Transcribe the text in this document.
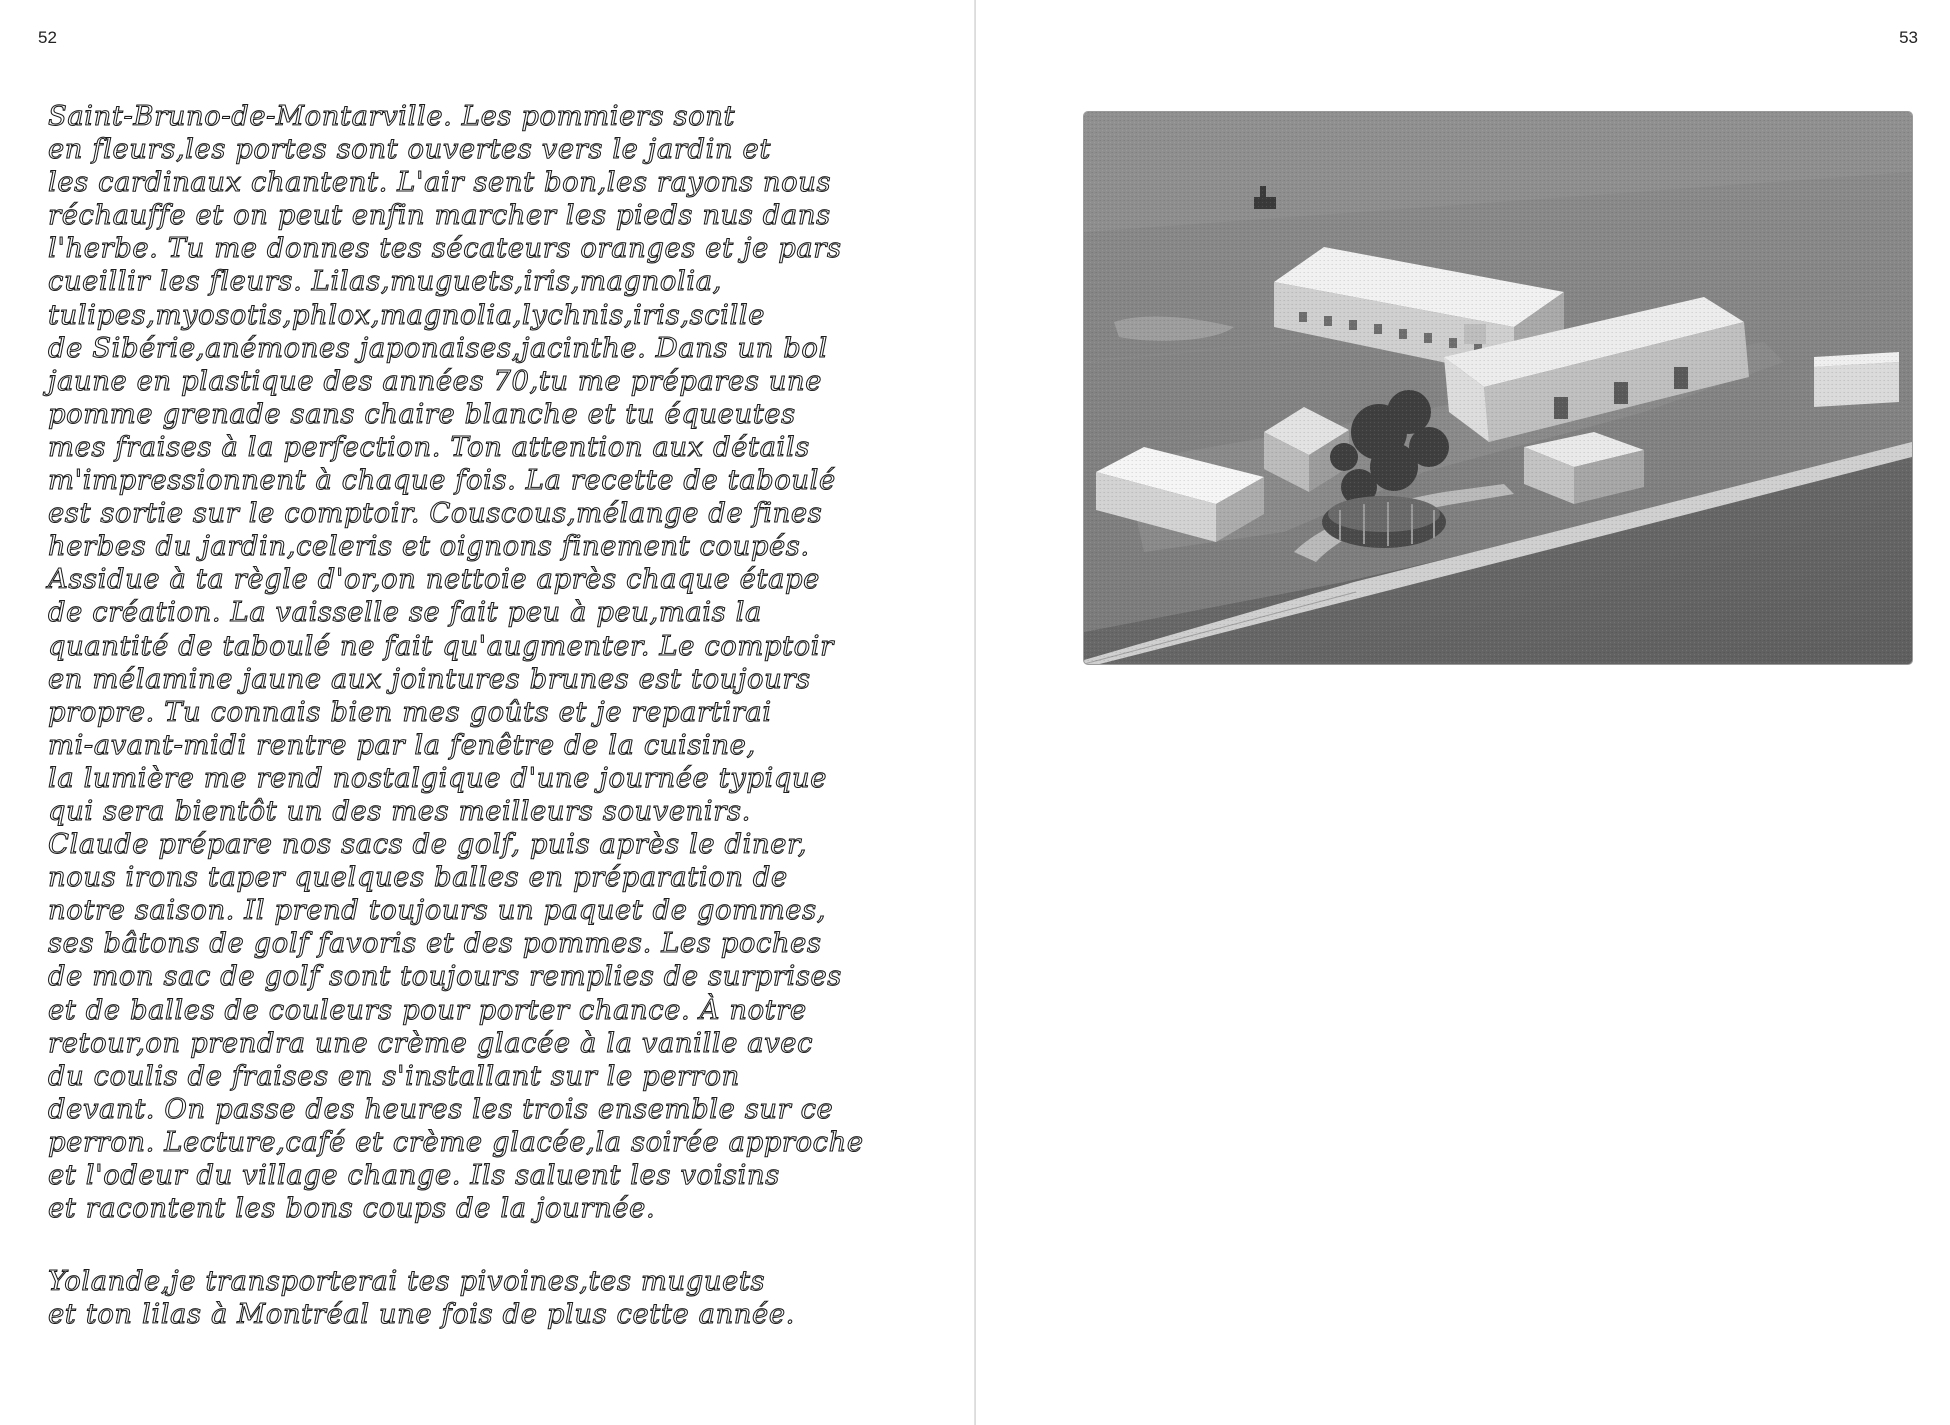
52
Saint-Bruno-de-Montarville. Les pommiers sont
en fleurs,les portes sont ouvertes vers le jardin et
les cardinaux chantent. L'air sent bon,les rayons nous
réchauffe et on peut enfin marcher les pieds nus dans
l'herbe. Tu me donnes tes sécateurs oranges et je pars
cueillir les fleurs. Lilas,muguets,iris,magnolia,
tulipes,myosotis,phlox,magnolia,lychnis,iris,scille
de Sibérie,anémones japonaises,jacinthe. Dans un bol
jaune en plastique des années 70,tu me prépares une
pomme grenade sans chaire blanche et tu équeutes
mes fraises à la perfection. Ton attention aux détails
m'impressionnent à chaque fois. La recette de taboulé
est sortie sur le comptoir. Couscous,mélange de fines
herbes du jardin,celeris et oignons finement coupés.
Assidue à ta règle d'or,on nettoie après chaque étape
de création. La vaisselle se fait peu à peu,mais la
quantité de taboulé ne fait qu'augmenter. Le comptoir
en mélamine jaune aux jointures brunes est toujours
propre. Tu connais bien mes goûts et je repartirai
mi-avant-midi rentre par la fenêtre de la cuisine,
la lumière me rend nostalgique d'une journée typique
qui sera bientôt un des mes meilleurs souvenirs.
Claude prépare nos sacs de golf, puis après le diner,
nous irons taper quelques balles en préparation de
notre saison. Il prend toujours un paquet de gommes,
ses bâtons de golf favoris et des pommes. Les poches
de mon sac de golf sont toujours remplies de surprises
et de balles de couleurs pour porter chance. À notre
retour,on prendra une crème glacée à la vanille avec
du coulis de fraises en s'installant sur le perron
devant. On passe des heures les trois ensemble sur ce
perron. Lecture,café et crème glacée,la soirée approche
et l'odeur du village change. Ils saluent les voisins
et racontent les bons coups de la journée.
Yolande,je transporterai tes pivoines,tes muguets
et ton lilas à Montréal une fois de plus cette année.
53
